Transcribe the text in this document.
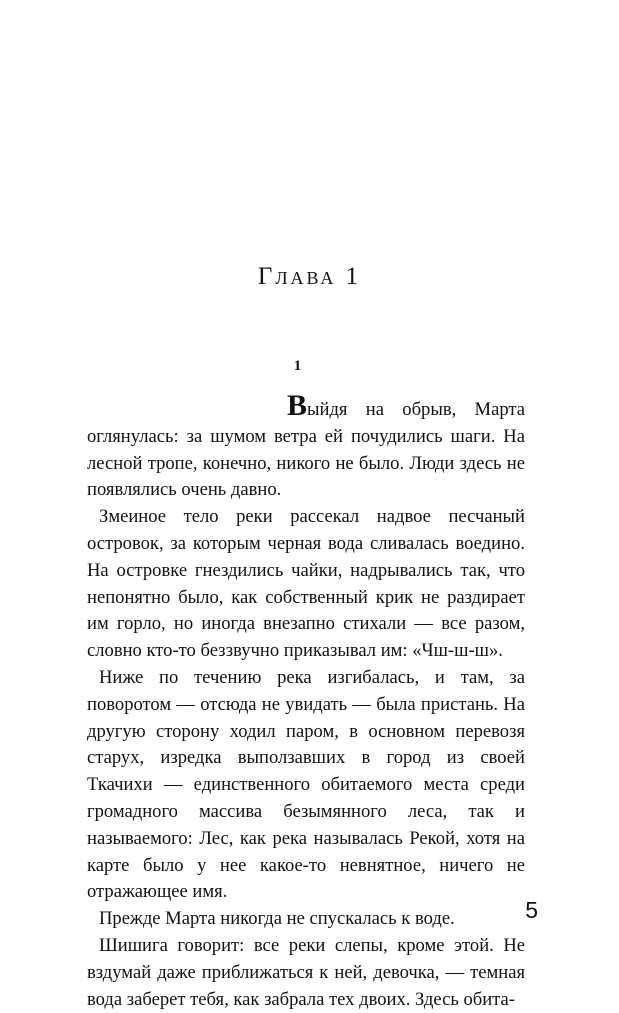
Глава 1
1

Выйдя на обрыв, Марта оглянулась: за шумом ветра ей почудились шаги. На лесной тропе, конечно, никого не было. Люди здесь не появлялись очень давно.

Змеиное тело реки рассекал надвое песчаный островок, за которым черная вода сливалась воедино. На островке гнездились чайки, надрывались так, что непонятно было, как собственный крик не раздирает им горло, но иногда внезапно стихали — все разом, словно кто-то беззвучно приказывал им: «Чш-ш-ш».

Ниже по течению река изгибалась, и там, за поворотом — отсюда не увидать — была пристань. На другую сторону ходил паром, в основном перевозя старух, изредка выползавших в город из своей Ткачихи — единственного обитаемого места среди громадного массива безымянного леса, так и называемого: Лес, как река называлась Рекой, хотя на карте было у нее какое-то невнятное, ничего не отражающее имя.

Прежде Марта никогда не спускалась к воде.

Шишига говорит: все реки слепы, кроме этой. Не вздумай даже приближаться к ней, девочка, — темная вода заберет тебя, как забрала тех двоих. Здесь обита-

5
